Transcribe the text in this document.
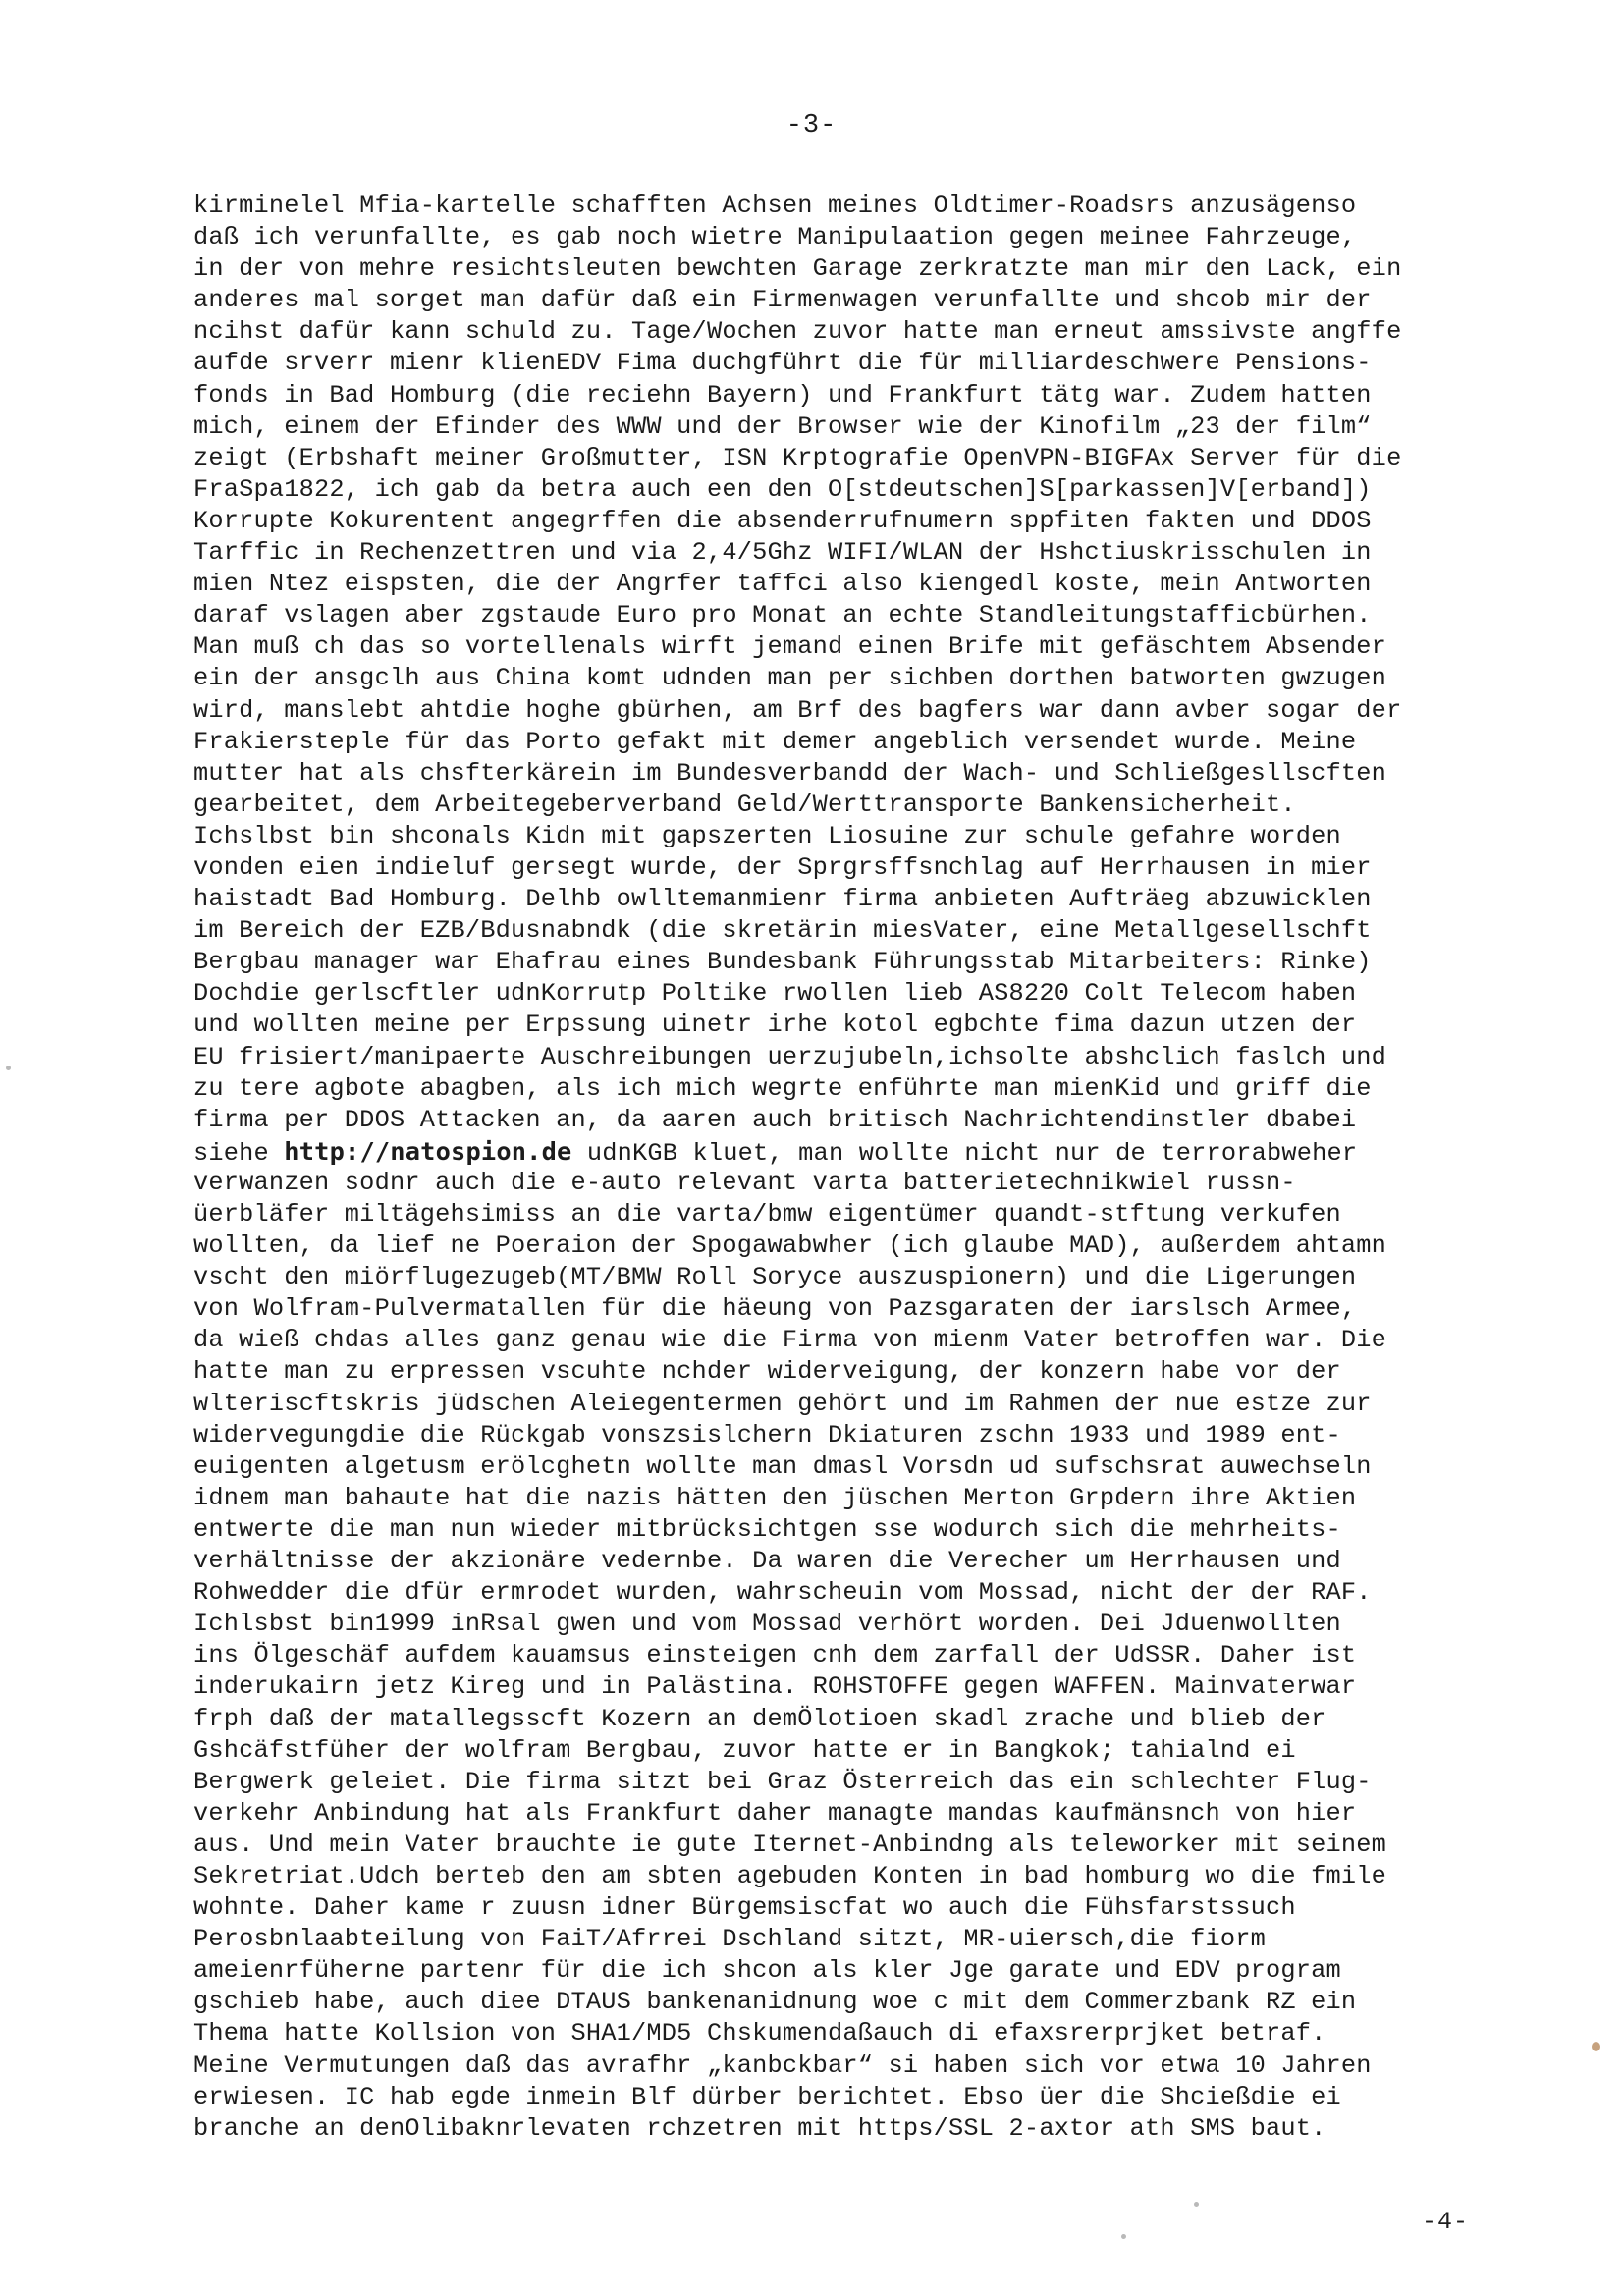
-3-
kirminelel Mfia-kartelle schafften Achsen meines Oldtimer-Roadsrs anzusägenso
daß ich verunfallte, es gab noch wietre Manipulaation gegen meinee Fahrzeuge,
in der von mehre resichtsleuten bewchten Garage zerkratzte man mir den Lack, ein
anderes mal sorget man dafür daß ein Firmenwagen verunfallte und shcob mir der
ncihst dafür kann schuld zu. Tage/Wochen zuvor hatte man erneut amssivste angffe
aufde srverr mienr klienEDV Fima duchgführt die für milliardeschwere Pensions-
fonds in Bad Homburg (die reciehn Bayern) und Frankfurt tätg war. Zudem hatten
mich, einem der Efinder des WWW und der Browser wie der Kinofilm „23 der film“
zeigt (Erbshaft meiner Großmutter, ISN Krptografie OpenVPN-BIGFAx Server für die
FraSpa1822, ich gab da betra auch een den O[stdeutschen]S[parkassen]V[erband])
Korrupte Kokurentent angegrffen die absenderrufnumern sppfiten fakten und DDOS
Tarffic in Rechenzettren und via 2,4/5Ghz WIFI/WLAN der Hshctiuskrisschulen in
mien Ntez eispsten, die der Angrfer taffci also kiengedl koste, mein Antworten
daraf vslagen aber zgstaude Euro pro Monat an echte Standleitungstafficbürhen.
Man muß ch das so vortellenals wirft jemand einen Brife mit gefäschtem Absender
ein der ansgclh aus China komt udnden man per sichben dorthen batworten gwzugen
wird, manslebt ahtdie hoghe gbürhen, am Brf des bagfers war dann avber sogar der
Frakiersteple für das Porto gefakt mit demer angeblich versendet wurde. Meine
mutter hat als chsfterkärein im Bundesverbandd der Wach- und Schließgesllscften
gearbeitet, dem Arbeitegeberverband Geld/Werttransporte Bankensicherheit.
Ichslbst bin shconals Kidn mit gapszerten Liosuine zur schule gefahre worden
vonden eien indieluf gersegt wurde, der Sprgrsffsnchlag auf Herrhausen in mier
haistadt Bad Homburg. Delhb owlltemanmienr firma anbieten Aufträeg abzuwicklen
im Bereich der EZB/Bdusnabndk (die skretärin miesVater, eine Metallgesellschft
Bergbau manager war Ehafrau eines Bundesbank Führungsstab Mitarbeiters: Rinke)
Dochdie gerlscftler udnKorrutp Poltike rwollen lieb AS8220 Colt Telecom haben
und wollten meine per Erpssung uinetr irhe kotol egbchte fima dazun utzen der
EU frisiert/manipaerte Auschreibungen uerzujubeln,ichsolte abshclich faslch und
zu tere agbote abagben, als ich mich wegrte enführte man mienKid und griff die
firma per DDOS Attacken an, da aaren auch britisch Nachrichtendinstler dbabei
siehe http://natospion.de udnKGB kluet, man wollte nicht nur de terrorabweher
verwanzen sodnr auch die e-auto relevant varta batterietechnikwiel russn-
üerbläfer miltägehsimiss an die varta/bmw eigentümer quandt-stftung verkufen
wollten, da lief ne Poeraion der Spogawabwher (ich glaube MAD), außerdem ahtamn
vscht den miörflugezugeb(MT/BMW Roll Soryce auszuspionern) und die Ligerungen
von Wolfram-Pulvermatallen für die häeung von Pazsgaraten der iarslsch Armee,
da wieß chdas alles ganz genau wie die Firma von mienm Vater betroffen war. Die
hatte man zu erpressen vscuhte nchder widerveigung, der konzern habe vor der
wlteriscftskris jüdschen Aleiegentermen gehört und im Rahmen der nue estze zur
widervegungdie die Rückgab vonszsislchern Dkiaturen zschn 1933 und 1989 ent-
euigenten algetusm erölcghetn wollte man dmasl Vorsdn ud sufschsrat auwechseln
idnem man bahaute hat die nazis hätten den jüschen Merton Grpdern ihre Aktien
entwerte die man nun wieder mitbrücksichtgen sse wodurch sich die mehrheits-
verhältnisse der akzionäre vedernbe. Da waren die Verecher um Herrhausen und
Rohwedder die dfür ermrodet wurden, wahrscheuin vom Mossad, nicht der der RAF.
Ichlsbst bin1999 inRsal gwen und vom Mossad verhört worden. Dei Jduenwollten
ins Ölgeschäf aufdem kauamsus einsteigen cnh dem zarfall der UdSSR. Daher ist
inderukairn jetz Kireg und in Palästina. ROHSTOFFE gegen WAFFEN. Mainvaterwar
frph daß der matallegsscft Kozern an demÖlotioen skadl zrache und blieb der
Gshcäfstfüher der wolfram Bergbau, zuvor hatte er in Bangkok; tahialnd ei
Bergwerk geleiet. Die firma sitzt bei Graz Österreich das ein schlechter Flug-
verkehr Anbindung hat als Frankfurt daher managte mandas kaufmänsnch von hier
aus. Und mein Vater brauchte ie gute Iternet-Anbindng als teleworker mit seinem
Sekretriat.Udch berteb den am sbten agebuden Konten in bad homburg wo die fmile
wohnte. Daher kame r zuusn idner Bürgemsiscfat wo auch die Fühsfarstssuch
Perosbnlaabteilung von FaiT/Afrrei Dschland sitzt, MR-uiersch,die fiorm
ameienrfüherne partenr für die ich shcon als kler Jge garate und EDV program
gschieb habe, auch diee DTAUS bankenanidnung woe c mit dem Commerzbank RZ ein
Thema hatte Kollsion von SHA1/MD5 Chskumendaßauch di efaxsrerprjket betraf.
Meine Vermutungen daß das avrafhr „kanbckbar“ si haben sich vor etwa 10 Jahren
erwiesen. IC hab egde inmein Blf dürber berichtet. Ebso üer die Shcießdie ei
branche an denOlibaknrlevaten rchzetren mit https/SSL 2-axtor ath SMS baut.
-4-
